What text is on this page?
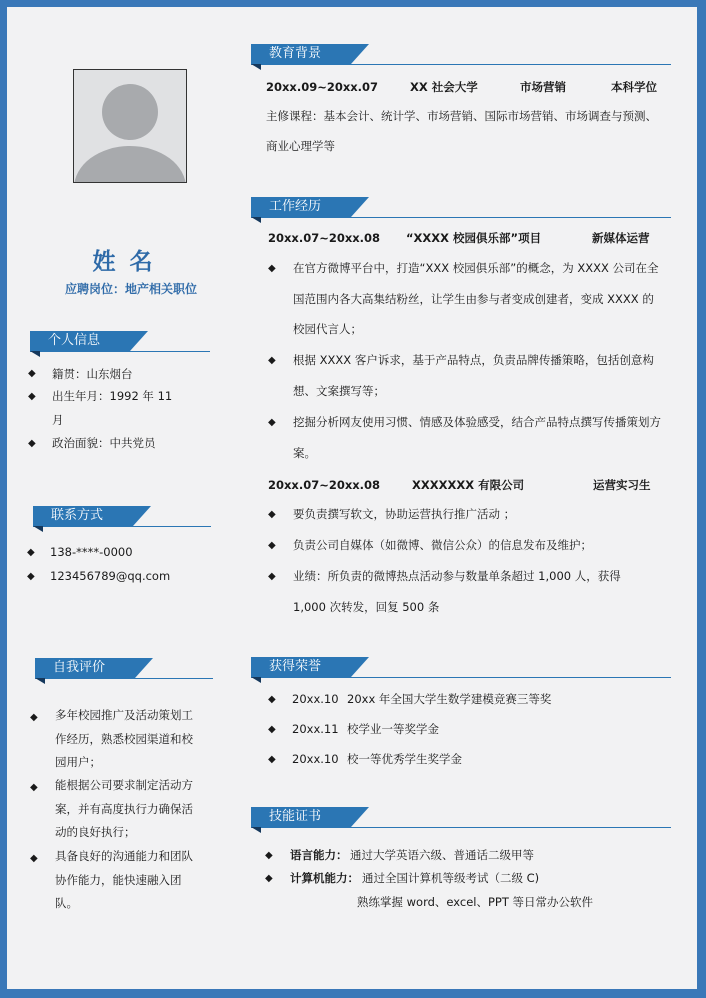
姓名
应聘岗位：地产相关职位
个人信息
◆ 籍贯：山东烟台
◆ 出生年月：1992 年 11
月
◆ 政治面貌：中共党员
联系方式
◆ 138-****-0000
◆ 123456789@qq.com
自我评价
◆ 多年校园推广及活动策划工作经历，熟悉校园渠道和校园用户；
◆ 能根据公司要求制定活动方案，并有高度执行力确保活动的良好执行；
◆ 具备良好的沟通能力和团队协作能力，能快速融入团队。
教育背景
20xx.09~20xx.07	XX 社会大学	市场营销	本科学位
主修课程：基本会计、统计学、市场营销、国际市场营销、市场调查与预测、
商业心理学等
工作经历
20xx.07~20xx.08 “XXXX 校园俱乐部”项目	新媒体运营
◆ 在官方微博平台中，打造“XXX 校园俱乐部”的概念，为 XXXX 公司在全国范围内各大高集结粉丝，让学生由参与者变成创建者，变成 XXXX 的校园代言人；
◆ 根据 XXXX 客户诉求，基于产品特点，负责品牌传播策略，包括创意构想、文案撰写等；
◆ 挖掘分析网友使用习惯、情感及体验感受，结合产品特点撰写传播策划方案。
20xx.07~20xx.08	XXXXXXX 有限公司	运营实习生
◆ 要负责撰写软文，协助运营执行推广活动 ；
◆ 负责公司自媒体（如微博、微信公众）的信息发布及维护；
◆ 业绩：所负责的微博热点活动参与数量单条超过 1,000 人，获得 1,000 次转发，回复 500 条
获得荣誉
◆ 20xx.10 20xx 年全国大学生数学建模竞赛三等奖
◆ 20xx.11 校学业一等奖学金
◆ 20xx.10 校一等优秀学生奖学金
技能证书
◆ 语言能力： 通过大学英语六级、普通话二级甲等
◆ 计算机能力： 通过全国计算机等级考试（二级 C)
熟练掌握 word、excel、PPT 等日常办公软件
